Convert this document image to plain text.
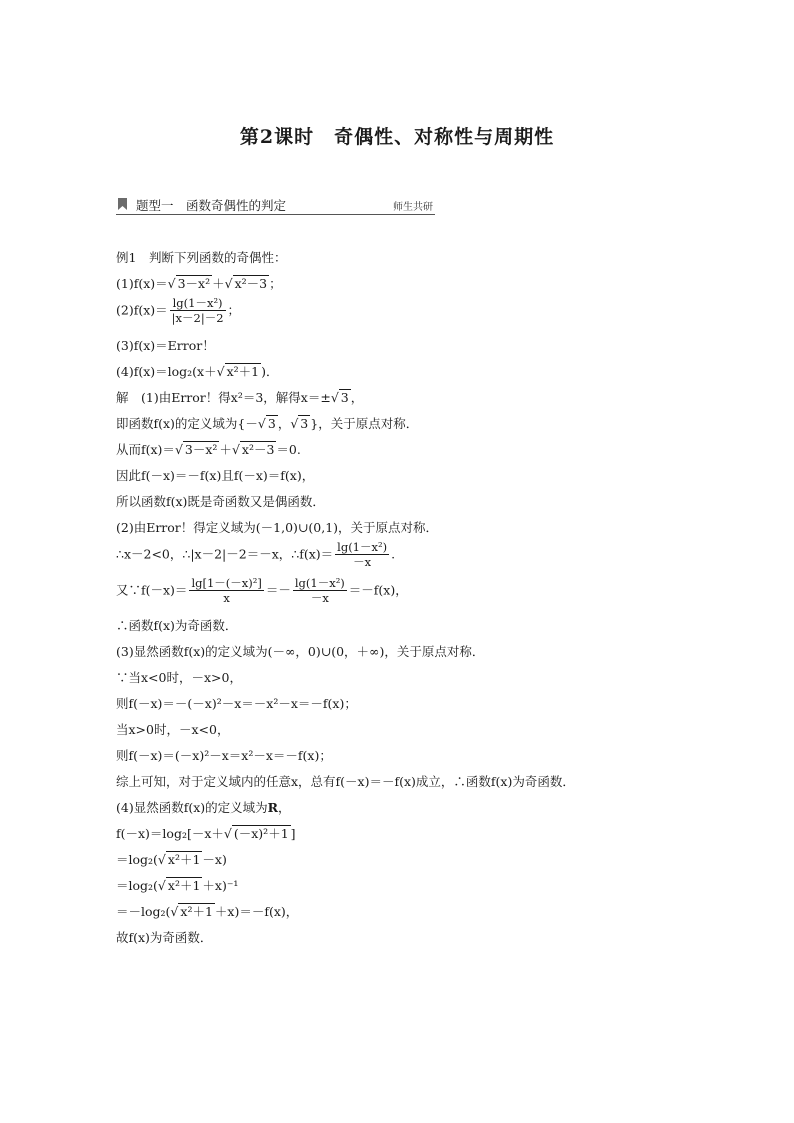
第2课时　奇偶性、对称性与周期性
题型一　函数奇偶性的判定	师生共研
例1　判断下列函数的奇偶性：
(1)f(x)＝√ 3－x² ＋√ x²－3 ；
$(2)f(x)= \frac{\text{lg(1－x²)}}{|x-2|-2}$ ；
(3)f(x)＝Error！
(4)f(x)＝log₂(x＋√ x²＋1 )．
解　(1)由Error！得x²＝3，解得x＝±√ 3 ，
即函数f(x)的定义域为{－√ 3 ，√ 3 }，关于原点对称．
从而f(x)＝√ 3－x² ＋√ x²－3 ＝0.
因此f(－x)＝－f(x)且f(－x)＝f(x)，
所以函数f(x)既是奇函数又是偶函数．
(2)由Error！得定义域为(－1,0)∪(0,1)，关于原点对称．
∴x－2<0，∴|x－2|－2＝－x，∴f(x)＝ $\frac{\text{lg(1－x²)}}{-x}$ .
又∵f(－x)＝ $\frac{\text{lg[1－(－x)²]}}{x} =- \frac{\text{lg(1－x²)}}{-x} =-f(x)$，
∴函数f(x)为奇函数．
(3)显然函数f(x)的定义域为(－∞，0)∪(0，＋∞)，关于原点对称．
∵当x<0时，－x>0，
则f(－x)＝－(－x)²－x＝－x²－x＝－f(x)；
当x>0时，－x<0，
则f(－x)＝(－x)²－x＝x²－x＝－f(x)；
综上可知，对于定义域内的任意x，总有f(－x)＝－f(x)成立，∴函数f(x)为奇函数．
(4)显然函数f(x)的定义域为R，
f(－x)＝log₂[－x＋√ (－x)²＋1 ]
＝log₂(√ x²＋1 －x)
＝log₂(√ x²＋1 ＋x)⁻¹
＝－log₂(√ x²＋1 ＋x)＝－f(x)，
故f(x)为奇函数．
